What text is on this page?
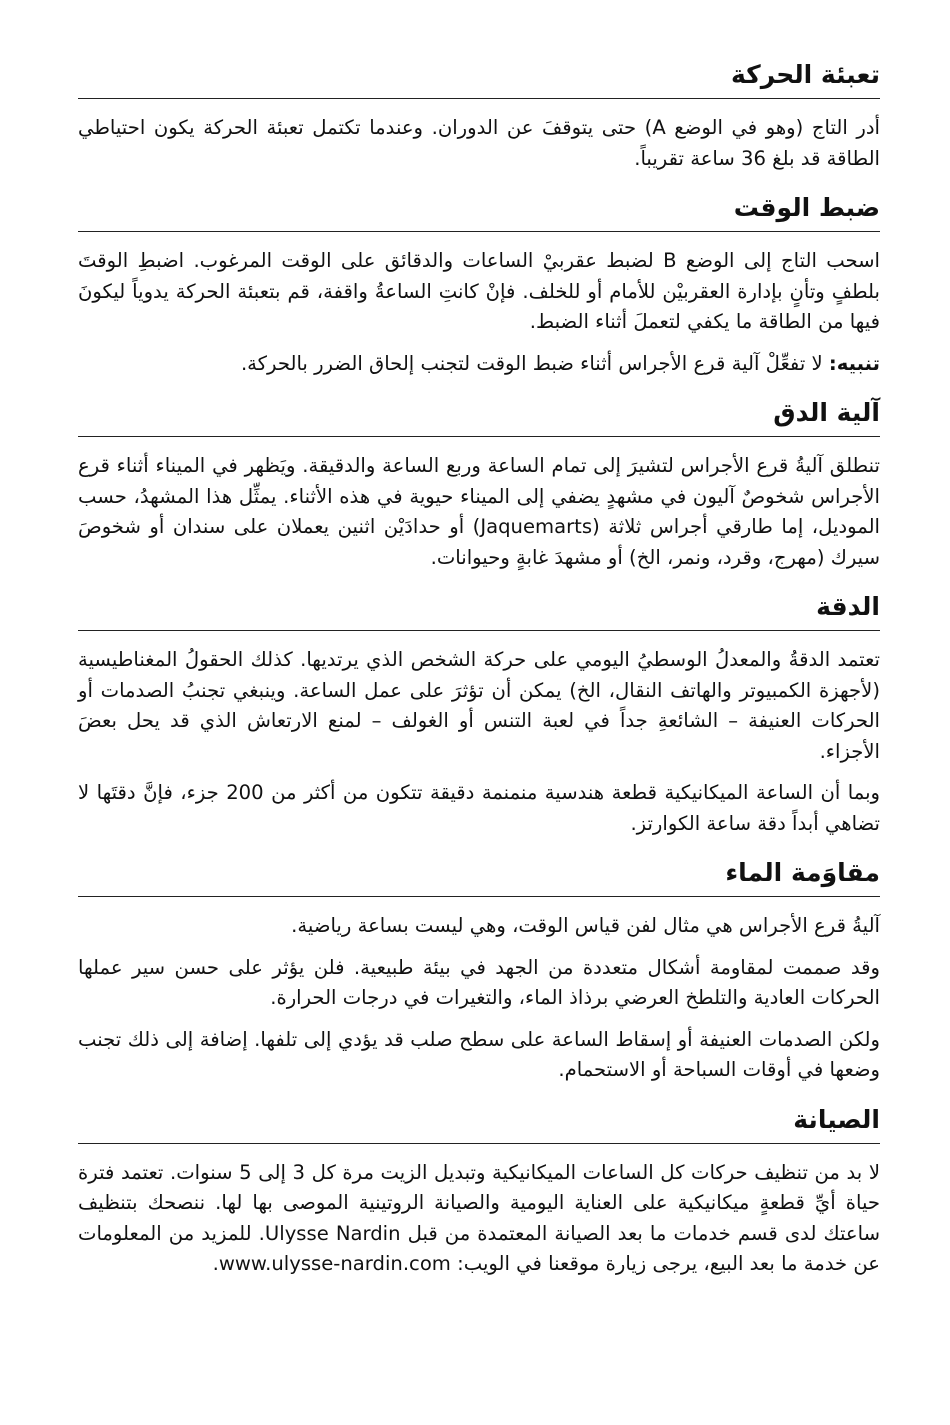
تعبئة الحركة

أدر التاج (وهو في الوضع A) حتى يتوقفَ عن الدوران. وعندما تكتمل تعبئة الحركة يكون احتياطي الطاقة قد بلغ 36 ساعة تقريباً.

ضبط الوقت

اسحب التاج إلى الوضع B لضبط عقربيْ الساعات والدقائق على الوقت المرغوب. اضبطِ الوقتَ بلطفٍ وتأنٍ بإدارة العقربيْن للأمام أو للخلف. فإنْ كانتِ الساعةُ واقفة، قم بتعبئة الحركة يدوياً ليكونَ فيها من الطاقة ما يكفي لتعملَ أثناء الضبط.

تنبيه: لا تفعِّلْ آلية قرع الأجراس أثناء ضبط الوقت لتجنب إلحاق الضرر بالحركة.

آلية الدق

تنطلق آليةُ قرع الأجراس لتشيرَ إلى تمام الساعة وربع الساعة والدقيقة. ويَظهر في الميناء أثناء قرع الأجراس شخوصٌ آليون في مشهدٍ يضفي إلى الميناء حيوية في هذه الأثناء. يمثِّل هذا المشهدُ، حسب الموديل، إما طارقي أجراس ثلاثة (Jaquemarts) أو حدادَيْن اثنين يعملان على سندان أو شخوصَ سيرك (مهرج، وقرد، ونمر، الخ) أو مشهدَ غابةٍ وحيوانات.

الدقة

تعتمد الدقةُ والمعدلُ الوسطيُ اليومي على حركة الشخص الذي يرتديها. كذلك الحقولُ المغناطيسية (لأجهزة الكمبيوتر والهاتف النقال، الخ) يمكن أن تؤثرَ على عمل الساعة. وينبغي تجنبُ الصدمات أو الحركات العنيفة – الشائعةِ جداً في لعبة التنس أو الغولف – لمنع الارتعاش الذي قد يحل بعضَ الأجزاء.

وبما أن الساعة الميكانيكية قطعة هندسية منمنمة دقيقة تتكون من أكثر من 200 جزء، فإنَّ دقتَها لا تضاهي أبداً دقة ساعة الكوارتز.

مقاوَمة الماء

آليةُ قرع الأجراس هي مثال لفن قياس الوقت، وهي ليست بساعة رياضية.

وقد صممت لمقاومة أشكال متعددة من الجهد في بيئة طبيعية. فلن يؤثر على حسن سير عملها الحركات العادية والتلطخ العرضي برذاذ الماء، والتغيرات في درجات الحرارة.

ولكن الصدمات العنيفة أو إسقاط الساعة على سطح صلب قد يؤدي إلى تلفها. إضافة إلى ذلك تجنب وضعها في أوقات السباحة أو الاستحمام.

الصيانة

لا بد من تنظيف حركات كل الساعات الميكانيكية وتبديل الزيت مرة كل 3 إلى 5 سنوات. تعتمد فترة حياة أيِّ قطعةٍ ميكانيكية على العناية اليومية والصيانة الروتينية الموصى بها لها. ننصحك بتنظيف ساعتك لدى قسم خدمات ما بعد الصيانة المعتمدة من قبل Ulysse Nardin. للمزيد من المعلومات عن خدمة ما بعد البيع، يرجى زيارة موقعنا في الويب: www.ulysse-nardin.com.
